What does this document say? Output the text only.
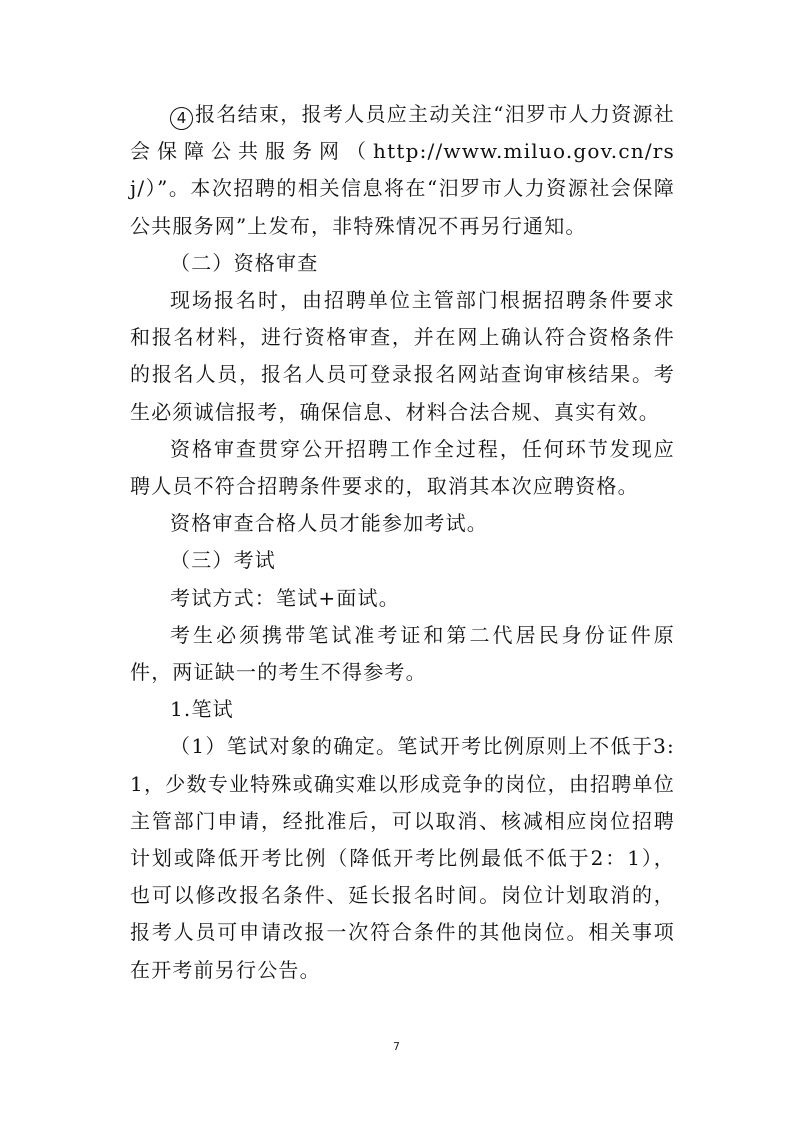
4 报名结束，报考人员应主动关注“汨罗市人力资源社会保障公共服务网（http://www.miluo.gov.cn/rsj/）”。本次招聘的相关信息将在“汨罗市人力资源社会保障公共服务网”上发布，非特殊情况不再另行通知。

（二）资格审查

现场报名时，由招聘单位主管部门根据招聘条件要求和报名材料，进行资格审查，并在网上确认符合资格条件的报名人员，报名人员可登录报名网站查询审核结果。考生必须诚信报考，确保信息、材料合法合规、真实有效。

资格审查贯穿公开招聘工作全过程，任何环节发现应聘人员不符合招聘条件要求的，取消其本次应聘资格。

资格审查合格人员才能参加考试。

（三）考试

考试方式：笔试+面试。

考生必须携带笔试准考证和第二代居民身份证件原件，两证缺一的考生不得参考。

1.笔试

（1）笔试对象的确定。笔试开考比例原则上不低于3:1，少数专业特殊或确实难以形成竞争的岗位，由招聘单位主管部门申请，经批准后，可以取消、核减相应岗位招聘计划或降低开考比例（降低开考比例最低不低于2：1），也可以修改报名条件、延长报名时间。岗位计划取消的，报考人员可申请改报一次符合条件的其他岗位。相关事项在开考前另行公告。

7
